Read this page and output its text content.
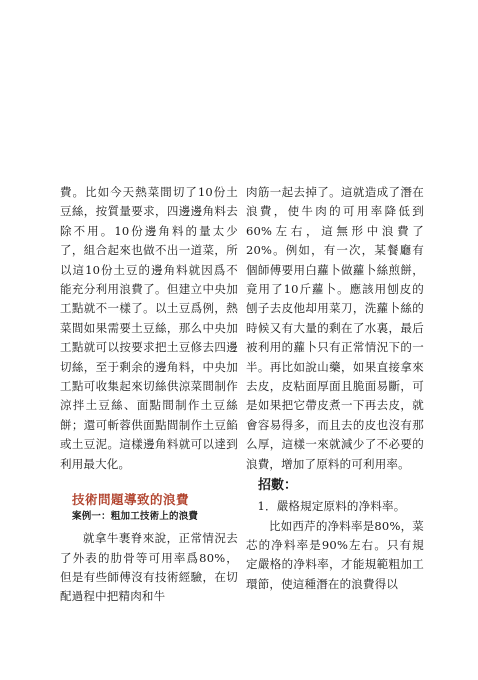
費。比如今天熱菜間切了10份土豆絲，按質量要求，四邊邊角料去除不用。10份邊角料的量太少了，組合起來也做不出一道菜，所以這10份土豆的邊角料就因爲不能充分利用浪費了。但建立中央加工點就不一樣了。以土豆爲例，熱菜間如果需要土豆絲，那么中央加工點就可以按要求把土豆修去四邊切絲，至于剩余的邊角料，中央加工點可收集起來切絲供涼菜間制作涼拌土豆絲、面點間制作土豆絲餅；還可斬蓉供面點間制作土豆餡或土豆泥。這樣邊角料就可以達到利用最大化。

技術問題導致的浪費
案例一：粗加工技術上的浪費

就拿牛裹脊來說，正常情況去了外表的肋骨等可用率爲80%，但是有些師傅沒有技術經驗，在切配過程中把精肉和牛

肉筋一起去掉了。這就造成了潛在浪費，使牛肉的可用率降低到60%左右，這無形中浪費了20%。例如，有一次，某餐廳有個師傅要用白蘿卜做蘿卜絲煎餅，竟用了10斤蘿卜。應該用刨皮的刨子去皮他却用菜刀，洗蘿卜絲的時候又有大量的剩在了水裏，最后被利用的蘿卜只有正常情況下的一半。再比如說山藥，如果直接拿來去皮，皮粘面厚面且脆面易斷，可是如果把它帶皮煮一下再去皮，就會容易得多，而且去的皮也沒有那么厚，這樣一來就減少了不必要的浪費，增加了原料的可利用率。

招數：

1．嚴格規定原料的净料率。

比如西芹的净料率是80%，菜芯的净料率是90%左右。只有規定嚴格的净料率，才能規範粗加工環節，使這種潛在的浪費得以
